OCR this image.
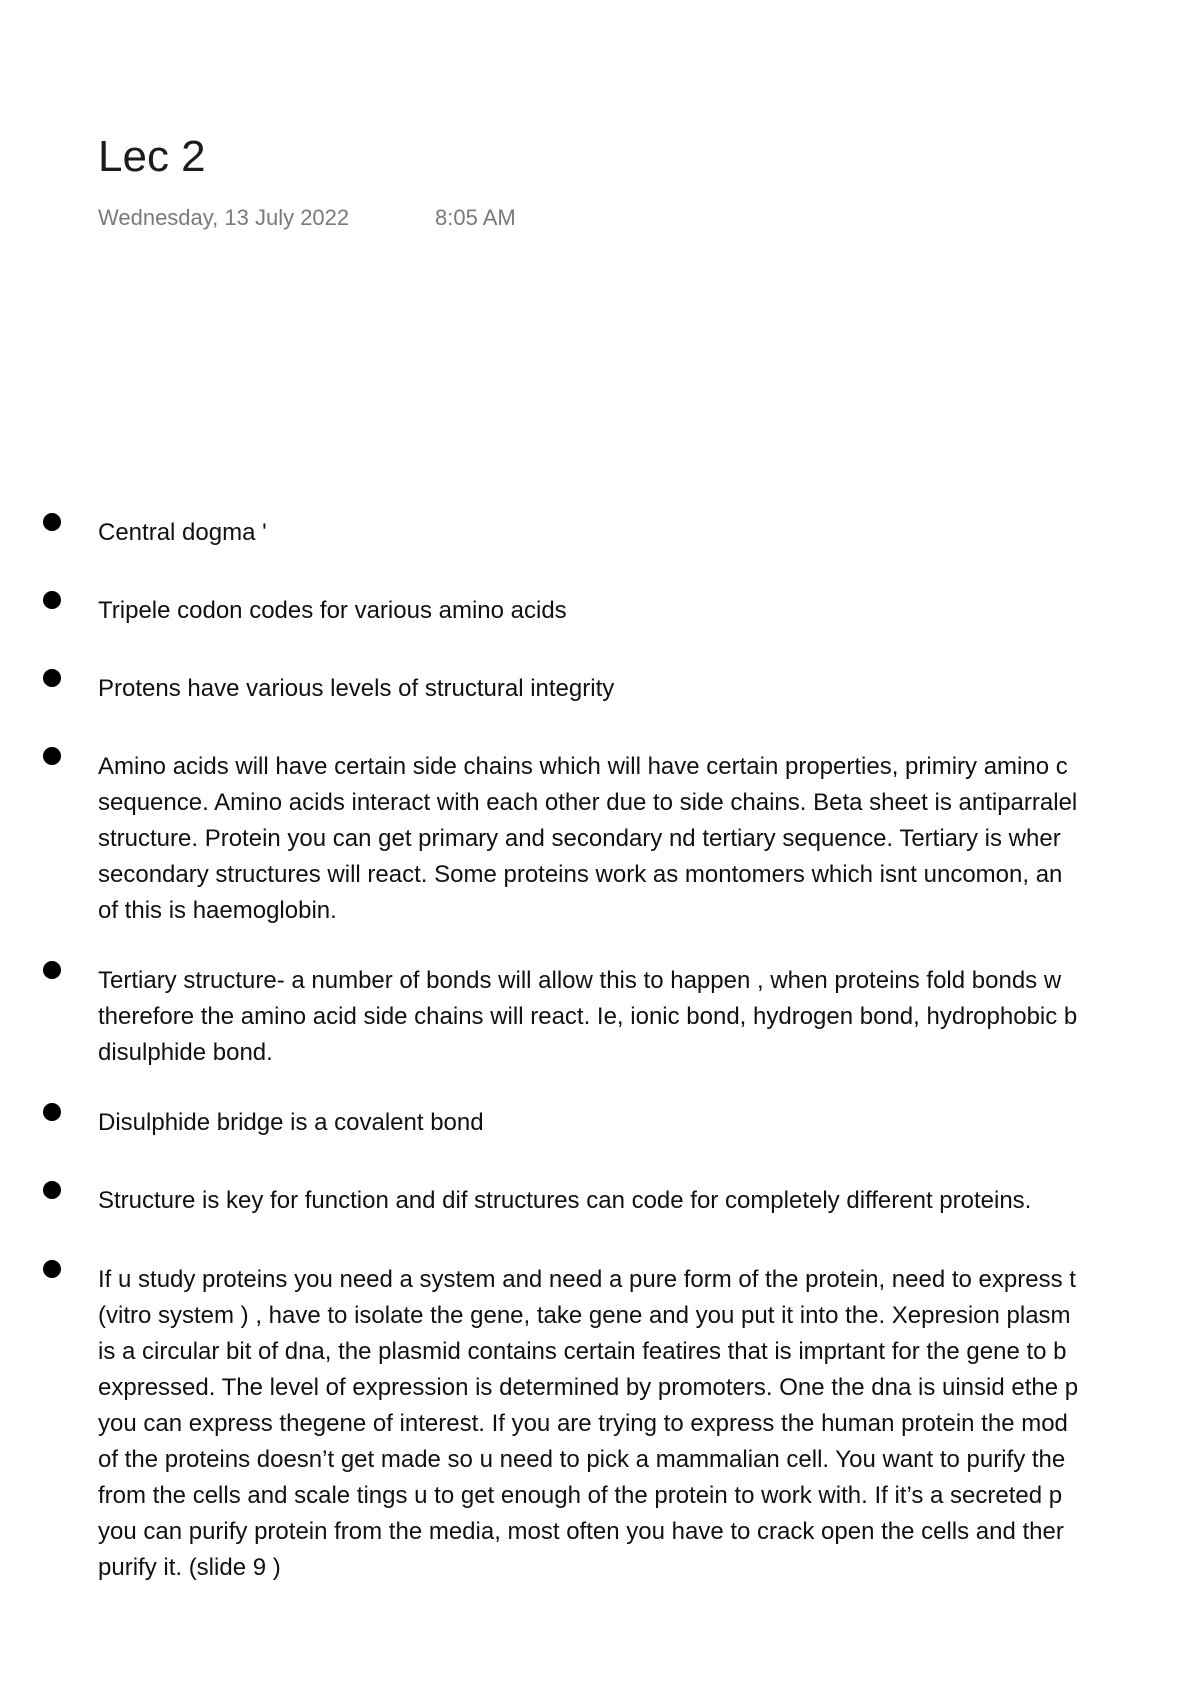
Lec 2
Wednesday, 13 July 2022	8:05 AM
Central dogma '
Tripele codon codes for various amino acids
Protens have various levels of structural integrity
Amino acids will have certain side chains which will have certain properties, primiry amino c
sequence. Amino acids interact with each other due to side chains. Beta sheet is antiparralel
structure. Protein you can get primary and secondary nd tertiary sequence. Tertiary is wher
secondary structures will react. Some proteins work as montomers which isnt uncomon, an
of this is haemoglobin.
Tertiary structure- a number of bonds will allow this to happen , when proteins fold bonds w
therefore the amino acid side chains will react. Ie, ionic bond, hydrogen bond, hydrophobic b
disulphide bond.
Disulphide bridge is a covalent bond
Structure is key for function and dif structures can code for completely different proteins.
If u study proteins you need a system and need a pure form of the protein, need to express t
(vitro system ) , have to isolate the gene, take gene and you put it into the. Xepresion plasm
is a circular bit of dna, the plasmid contains certain featires that is imprtant for the gene to b
expressed. The level of expression is determined by promoters. One the dna is uinsid ethe p
you can express thegene of interest. If you are trying to express the human protein the mod
of the proteins doesn’t get made so u need to pick a mammalian cell. You want to purify the
from the cells and scale tings u to get enough of the protein to work with. If it’s a secreted p
you can purify protein from the media, most often you have to crack open the cells and ther
purify it. (slide 9 )
